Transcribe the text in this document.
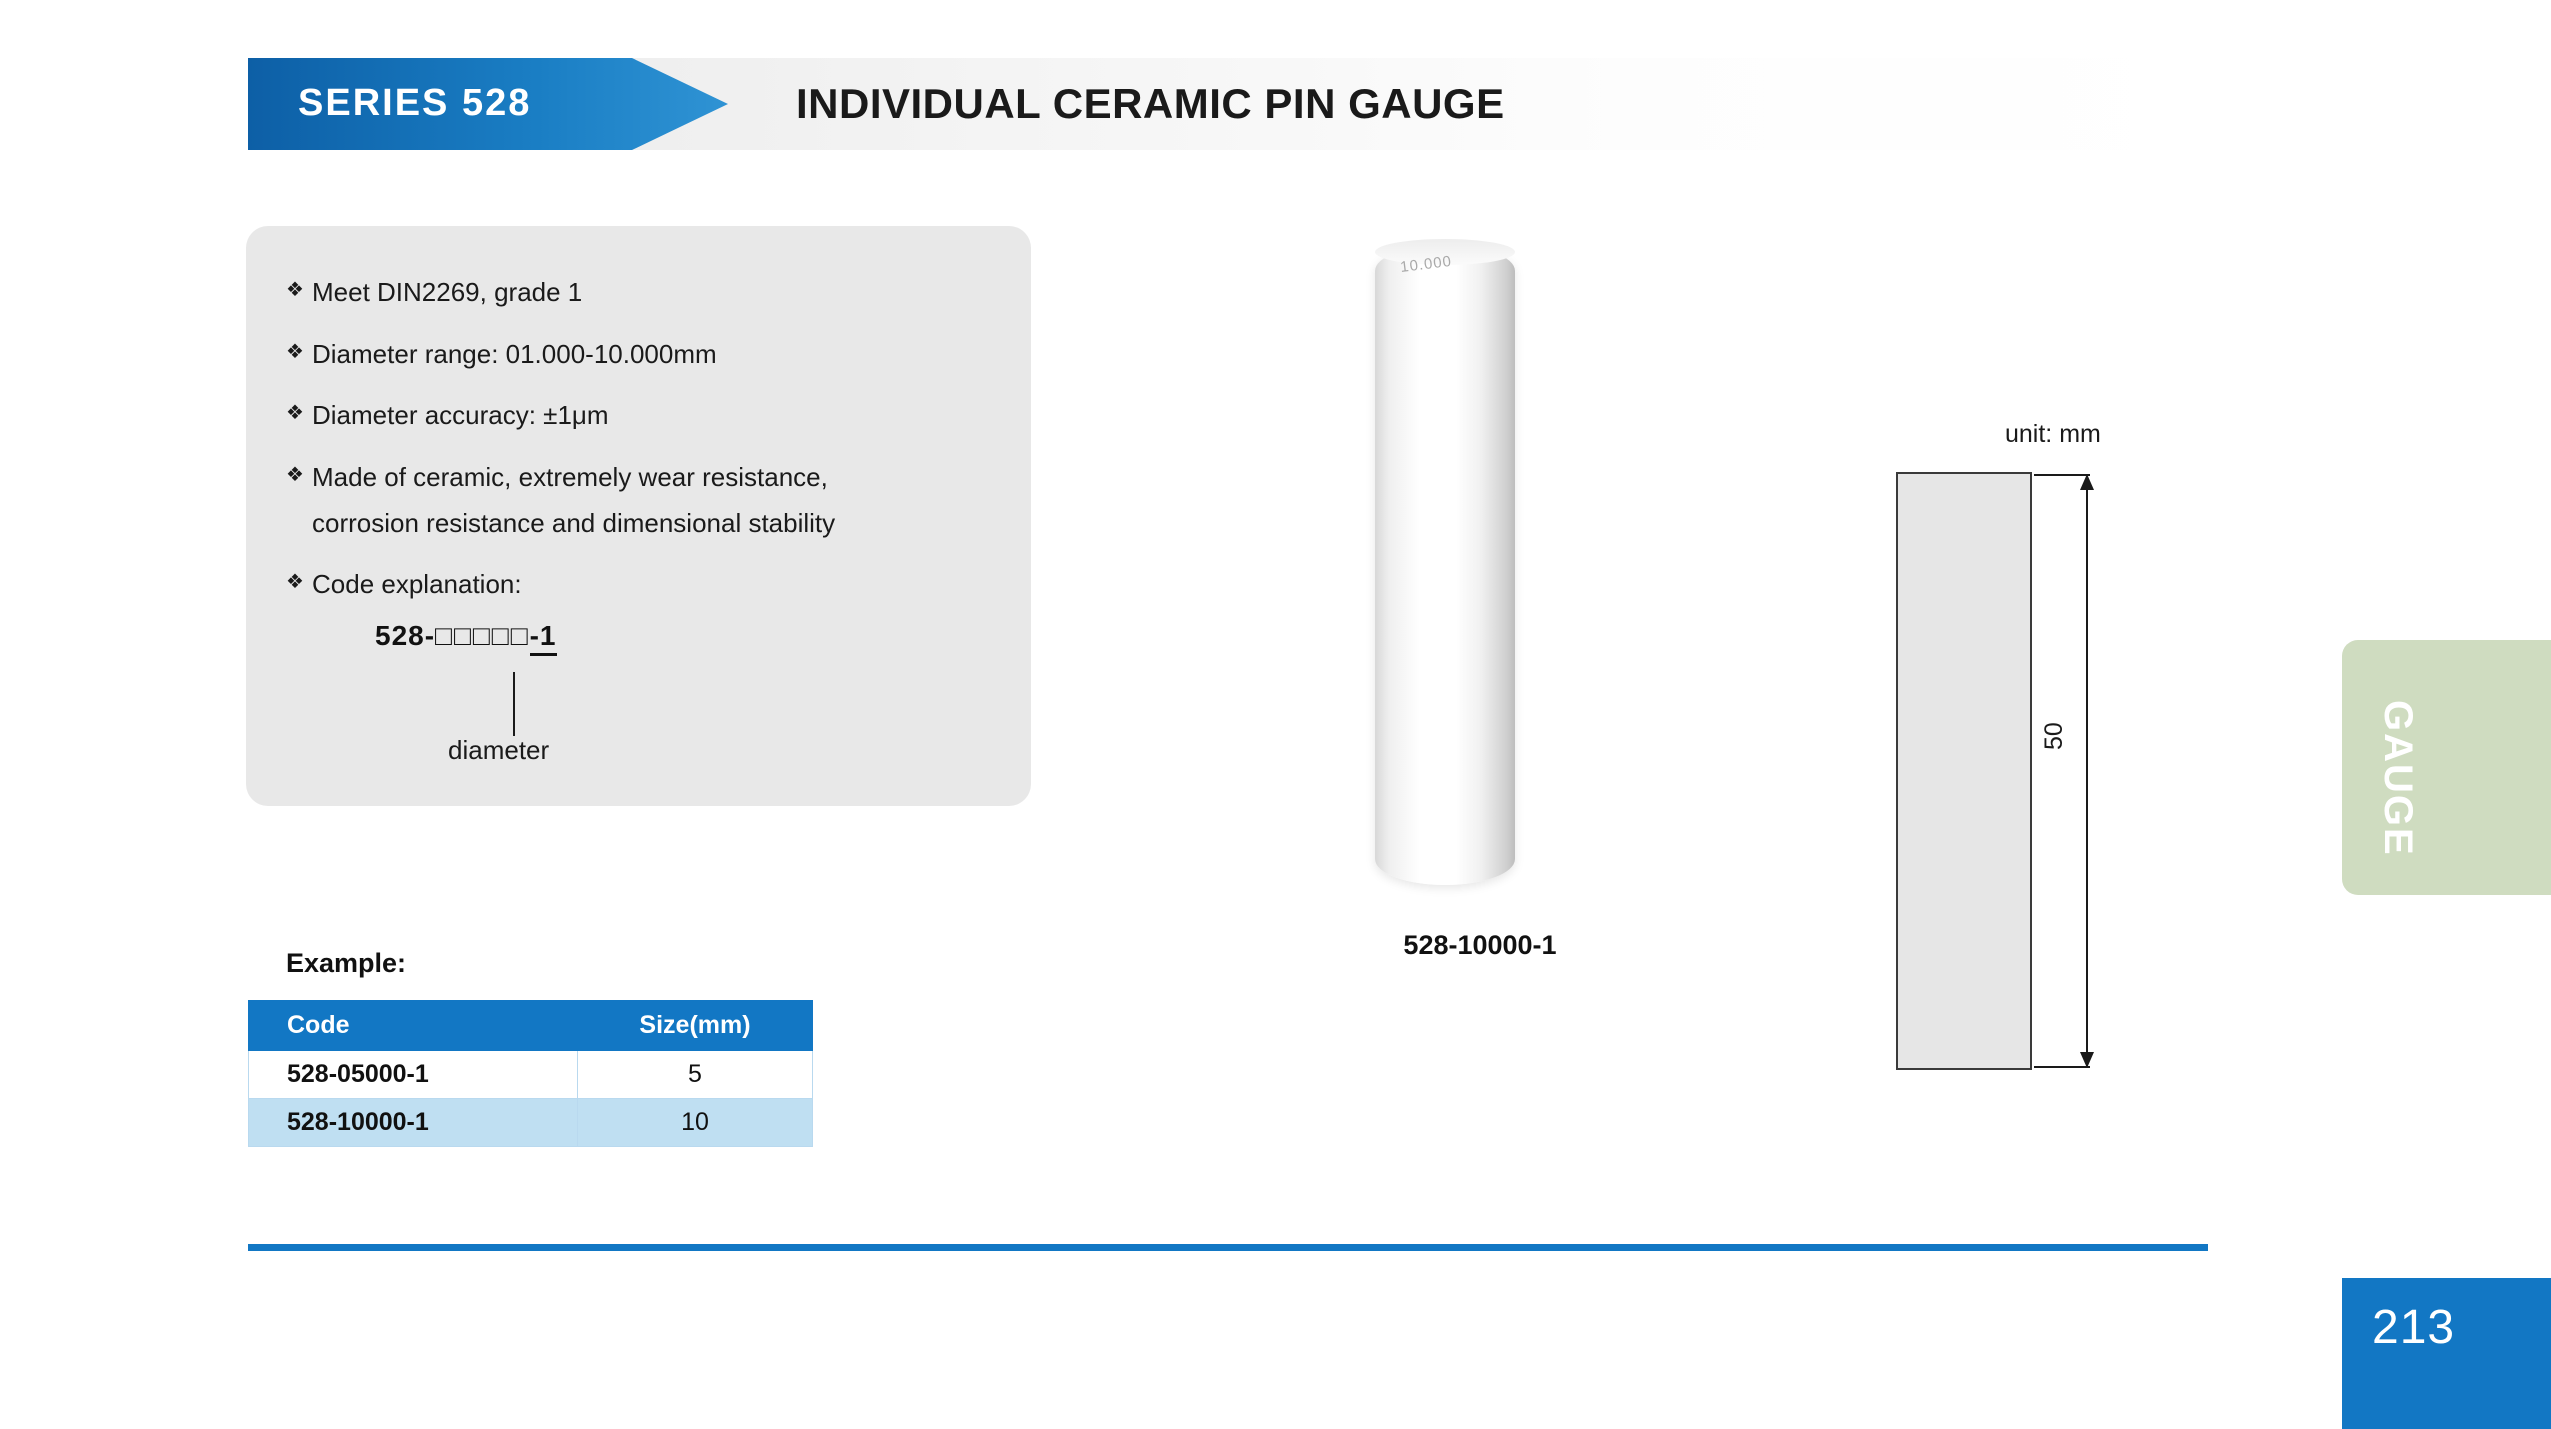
SERIES 528	INDIVIDUAL CERAMIC PIN GAUGE
❖ Meet DIN2269, grade 1
❖ Diameter range: 01.000-10.000mm
❖ Diameter accuracy: ±1μm
❖ Made of ceramic, extremely wear resistance,
corrosion resistance and dimensional stability
❖ Code explanation:
528-□□□□□-1
diameter
Example:
Code	Size(mm)
528-05000-1	5
528-10000-1	10
10.000
528-10000-1
unit: mm
50	GAUGE
213
